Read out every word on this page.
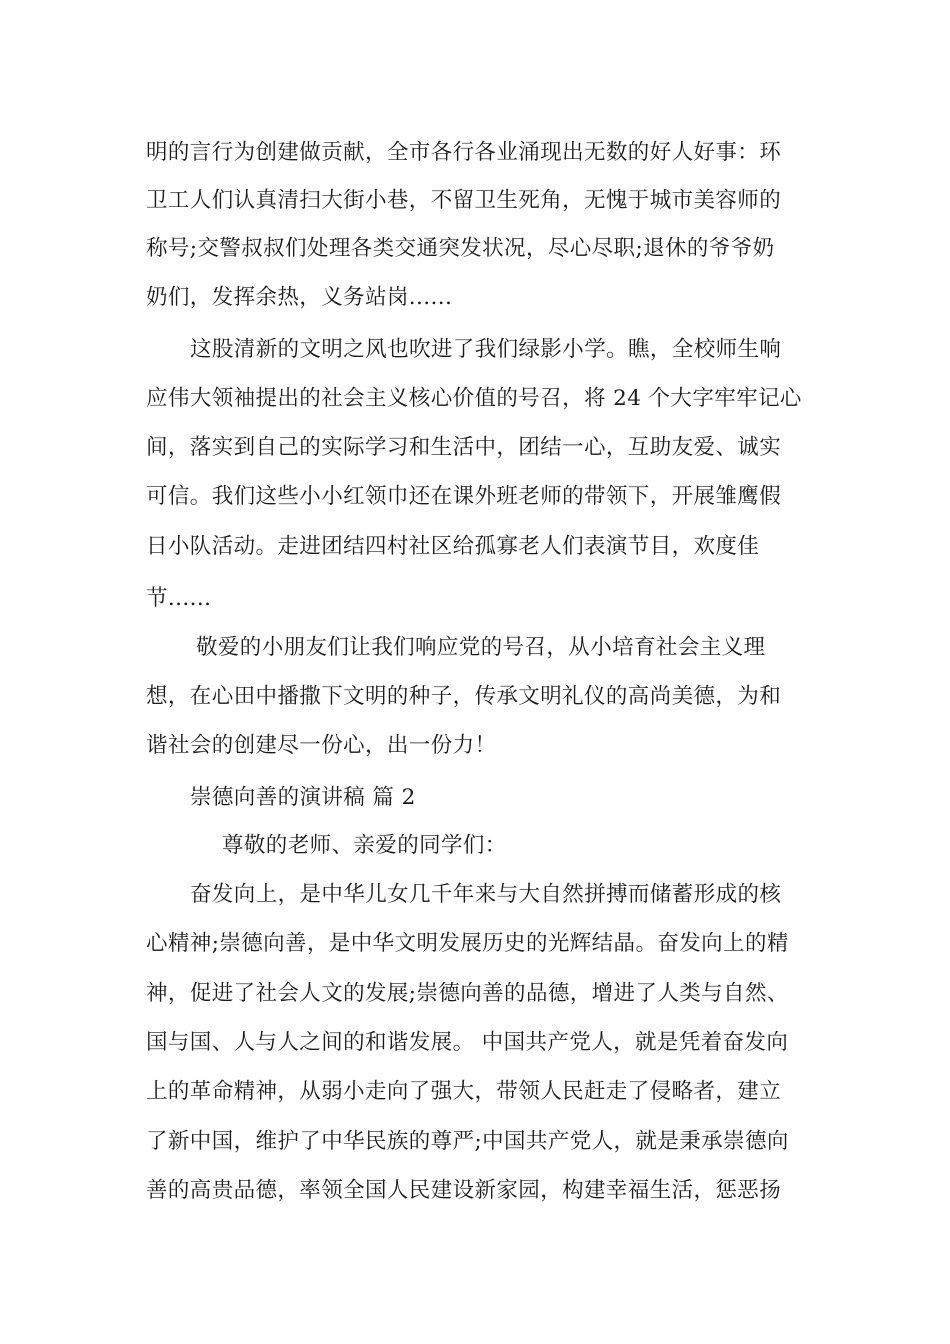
明的言行为创建做贡献，全市各行各业涌现出无数的好人好事：环
卫工人们认真清扫大街小巷，不留卫生死角，无愧于城市美容师的
称号;交警叔叔们处理各类交通突发状况，尽心尽职;退休的爷爷奶
奶们，发挥余热，义务站岗......
这股清新的文明之风也吹进了我们绿影小学。瞧，全校师生响
应伟大领袖提出的社会主义核心价值的号召，将 24 个大字牢牢记心
间，落实到自己的实际学习和生活中，团结一心，互助友爱、诚实
可信。我们这些小小红领巾还在课外班老师的带领下，开展雏鹰假
日小队活动。走进团结四村社区给孤寡老人们表演节目，欢度佳
节......
敬爱的小朋友们让我们响应党的号召，从小培育社会主义理
想，在心田中播撒下文明的种子，传承文明礼仪的高尚美德，为和
谐社会的创建尽一份心，出一份力！
崇德向善的演讲稿 篇 2
尊敬的老师、亲爱的同学们：
奋发向上，是中华儿女几千年来与大自然拼搏而储蓄形成的核
心精神;崇德向善，是中华文明发展历史的光辉结晶。奋发向上的精
神，促进了社会人文的发展;崇德向善的品德，增进了人类与自然、
国与国、人与人之间的和谐发展。 中国共产党人，就是凭着奋发向
上的革命精神，从弱小走向了强大，带领人民赶走了侵略者，建立
了新中国，维护了中华民族的尊严;中国共产党人，就是秉承崇德向
善的高贵品德，率领全国人民建设新家园，构建幸福生活，惩恶扬
